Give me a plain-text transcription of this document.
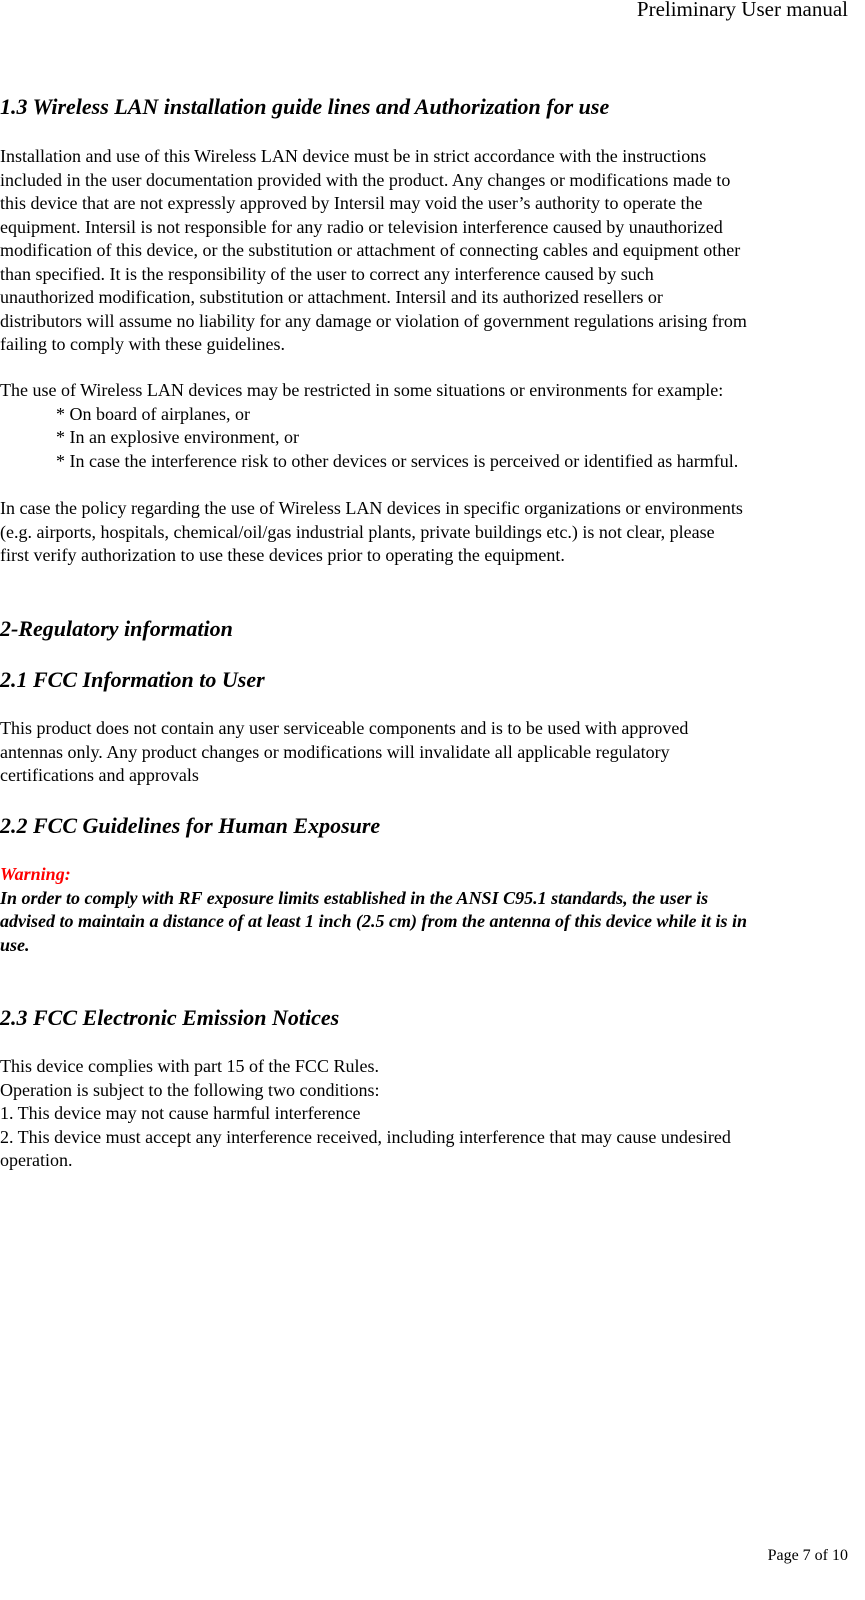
Preliminary User manual
1.3 Wireless LAN installation guide lines and Authorization for use
Installation and use of this Wireless LAN device must be in strict accordance with the instructions
included in the user documentation provided with the product. Any changes or modifications made to
this device that are not expressly approved by Intersil may void the user’s authority to operate the
equipment. Intersil is not responsible for any radio or television interference caused by unauthorized
modification of this device, or the substitution or attachment of connecting cables and equipment other
than specified. It is the responsibility of the user to correct any interference caused by such
unauthorized modification, substitution or attachment. Intersil and its authorized resellers or
distributors will assume no liability for any damage or violation of government regulations arising from
failing to comply with these guidelines.
The use of Wireless LAN devices may be restricted in some situations or environments for example:
* On board of airplanes, or
* In an explosive environment, or
* In case the interference risk to other devices or services is perceived or identified as harmful.
In case the policy regarding the use of Wireless LAN devices in specific organizations or environments
(e.g. airports, hospitals, chemical/oil/gas industrial plants, private buildings etc.) is not clear, please
first verify authorization to use these devices prior to operating the equipment.
2-Regulatory information
2.1 FCC Information to User
This product does not contain any user serviceable components and is to be used with approved
antennas only. Any product changes or modifications will invalidate all applicable regulatory
certifications and approvals
2.2 FCC Guidelines for Human Exposure
Warning:
In order to comply with RF exposure limits established in the ANSI C95.1 standards, the user is
advised to maintain a distance of at least 1 inch (2.5 cm) from the antenna of this device while it is in
use.
2.3 FCC Electronic Emission Notices
This device complies with part 15 of the FCC Rules.
Operation is subject to the following two conditions:
1. This device may not cause harmful interference
2. This device must accept any interference received, including interference that may cause undesired
operation.
Page 7 of 10
